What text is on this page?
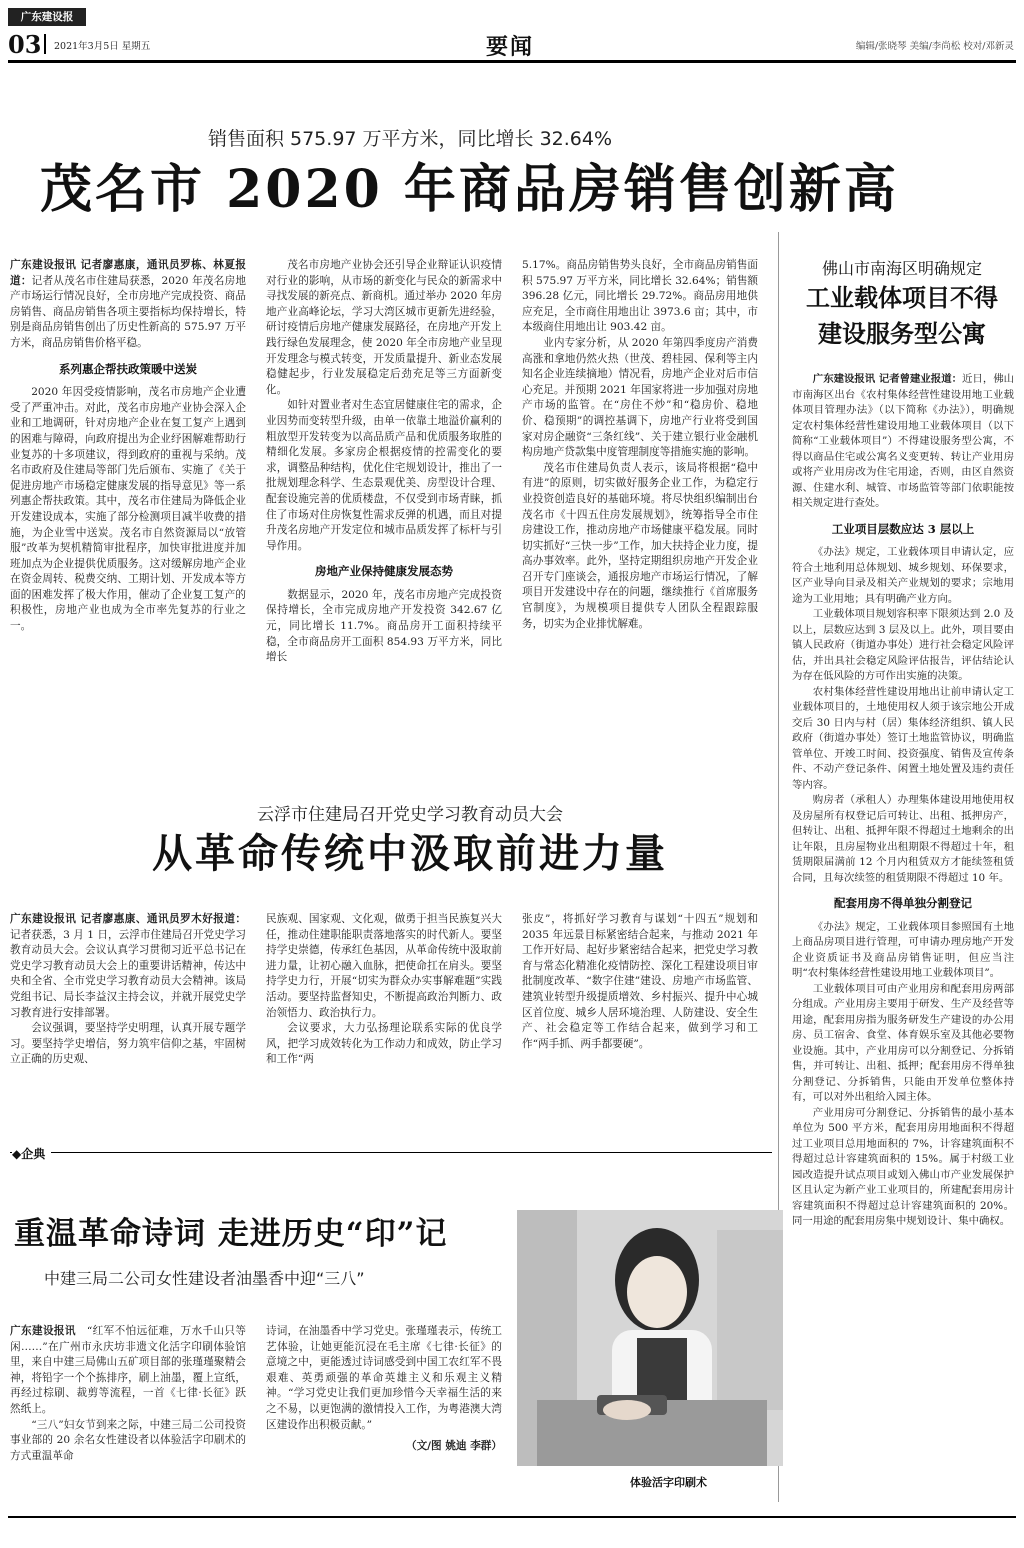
广东建设报
03 2021年3月5日 星期五	要闻	编辑/张晓琴 美编/李尚松 校对/邓新灵
销售面积 575.97 万平方米，同比增长 32.64%
茂名市 2020 年商品房销售创新高

广东建设报讯 记者廖惠康，通讯员罗栋、林夏报道：记者从茂名市住建局获悉，2020 年茂名房地产市场运行情况良好，全市房地产完成投资、商品房销售、商品房销售各项主要指标均保持增长，特别是商品房销售创出了历史性新高的 575.97 万平方米，商品房销售价格平稳。

系列惠企帮扶政策暖中送炭

2020 年因受疫情影响，茂名市房地产企业遭受了严重冲击。对此，茂名市房地产业协会深入企业和工地调研，针对房地产企业在复工复产上遇到的困难与障碍，向政府提出为企业纾困解难帮助行业复苏的十多项建议，得到政府的重视与采纳。茂名市政府及住建局等部门先后颁布、实施了《关于促进房地产市场稳定健康发展的指导意见》等一系列惠企帮扶政策。其中，茂名市住建局为降低企业开发建设成本，实施了部分检测项目减半收费的措施，为企业雪中送炭。茂名市自然资源局以“放管服”改革为契机精简审批程序，加快审批进度并加班加点为企业提供优质服务。这对缓解房地产企业在资金周转、税费交纳、工期计划、开发成本等方面的困难发挥了极大作用，催动了企业复工复产的积极性，房地产业也成为全市率先复苏的行业之一。

茂名市房地产业协会还引导企业辩证认识疫情对行业的影响，从市场的新变化与民众的新需求中寻找发展的新亮点、新商机。通过举办 2020 年房地产业高峰论坛，学习大湾区城市更新先进经验，研讨疫情后房地产健康发展路径，在房地产开发上践行绿色发展理念，使 2020 年全市房地产业呈现开发理念与模式转变，开发质量提升、新业态发展稳健起步，行业发展稳定后劲充足等三方面新变化。

如针对置业者对生态宜居健康住宅的需求，企业因势而变转型升级，由单一依靠土地溢价赢利的粗放型开发转变为以高品质产品和优质服务取胜的精细化发展。多家房企根据疫情的控需变化的要求，调整品种结构，优化住宅规划设计，推出了一批规划理念科学、生态景观优美、房型设计合理、配套设施完善的优质楼盘，不仅受到市场青睐，抓住了市场对住房恢复性需求反弹的机遇，而且对提升茂名房地产开发定位和城市品质发挥了标杆与引导作用。

房地产业保持健康发展态势

数据显示，2020 年，茂名市房地产完成投资保持增长，全市完成房地产开发投资 342.67 亿元，同比增长 11.7%。商品房开工面积持续平稳，全市商品房开工面积 854.93 万平方米，同比增长

5.17%。商品房销售势头良好，全市商品房销售面积 575.97 万平方米，同比增长 32.64%；销售额 396.28 亿元，同比增长 29.72%。商品房用地供应充足，全市商住用地出让 3973.6 亩；其中，市本级商住用地出让 903.42 亩。

业内专家分析，从 2020 年第四季度房产消费高涨和拿地仍然火热（世茂、碧桂园、保利等主内知名企业连续摘地）情况看，房地产企业对后市信心充足。并预期 2021 年国家将进一步加强对房地产市场的监管。在“房住不炒”和“稳房价、稳地价、稳预期”的调控基调下，房地产行业将受到国家对房企融资“三条红线”、关于建立银行业金融机构房地产贷款集中度管理制度等措施实施的影响。

茂名市住建局负责人表示，该局将根据“稳中有进”的原则，切实做好服务企业工作，为稳定行业投资创造良好的基础环境。将尽快组织编制出台茂名市《十四五住房发展规划》，统筹指导全市住房建设工作，推动房地产市场健康平稳发展。同时切实抓好“三快一步”工作，加大扶持企业力度，提高办事效率。此外，坚持定期组织房地产开发企业召开专门座谈会，通报房地产市场运行情况，了解项目开发建设中存在的问题，继续推行《首席服务官制度》，为规模项目提供专人团队全程跟踪服务，切实为企业排忧解难。

云浮市住建局召开党史学习教育动员大会
从革命传统中汲取前进力量

广东建设报讯 记者廖惠康、通讯员罗木好报道：记者获悉，3 月 1 日，云浮市住建局召开党史学习教育动员大会。会议认真学习贯彻习近平总书记在党史学习教育动员大会上的重要讲话精神，传达中央和全省、全市党史学习教育动员大会精神。该局党组书记、局长李益汉主持会议，并就开展党史学习教育进行安排部署。

会议强调，要坚持学史明理，认真开展专题学习。要坚持学史增信，努力筑牢信仰之基，牢固树立正确的历史观、

民族观、国家观、文化观，做勇于担当民族复兴大任，推动住建职能职责落地落实的时代新人。要坚持学史崇德，传承红色基因，从革命传统中汲取前进力量，让初心融入血脉，把使命扛在肩头。要坚持学史力行，开展“切实为群众办实事解难题”实践活动。要坚持监督知史，不断提高政治判断力、政治领悟力、政治执行力。

会议要求，大力弘扬理论联系实际的优良学风，把学习成效转化为工作动力和成效，防止学习和工作“两

张皮”，将抓好学习教育与谋划“十四五”规划和 2035 年远景目标紧密结合起来，与推动 2021 年工作开好局、起好步紧密结合起来，把党史学习教育与常态化精准化疫情防控、深化工程建设项目审批制度改革、“数字住建”建设、房地产市场监管、建筑业转型升级提质增效、乡村振兴、提升中心城区首位度、城乡人居环境治理、人防建设、安全生产、社会稳定等工作结合起来，做到学习和工作“两手抓、两手都要硬”。

◆企典
重温革命诗词 走进历史“印”记
中建三局二公司女性建设者油墨香中迎“三八”

广东建设报讯　 “红军不怕远征难，万水千山只等闲……”在广州市永庆坊非遗文化活字印刷体验馆里，来自中建三局佛山五矿项目部的张瑾瑾聚精会神，将铅字一个个拣排序，刷上油墨，覆上宣纸，再经过棕刷、裁剪等流程，一首《七律·长征》跃然纸上。

“三八”妇女节到来之际，中建三局二公司投资事业部的 20 余名女性建设者以体验活字印刷术的方式重温革命

诗词，在油墨香中学习党史。张瑾瑾表示，传统工艺体验，让她更能沉浸在毛主席《七律·长征》的意境之中，更能透过诗词感受到中国工农红军不畏艰难、英勇顽强的革命英雄主义和乐观主义精神。“学习党史让我们更加珍惜今天幸福生活的来之不易，以更饱满的激情投入工作，为粤港澳大湾区建设作出积极贡献。”

（文/图 姚迪 李群）

体验活字印刷术
佛山市南海区明确规定
工业载体项目不得
建设服务型公寓

广东建设报讯 记者曾建业报道：近日，佛山市南海区出台《农村集体经营性建设用地工业载体项目管理办法》（以下简称《办法》），明确规定农村集体经营性建设用地工业载体项目（以下简称“工业载体项目”）不得建设服务型公寓，不得以商品住宅或公寓名义变更转、转让产业用房或将产业用房改为住宅用途，否则，由区自然资源、住建水利、城管、市场监管等部门依职能按相关规定进行查处。

工业项目层数应达 3 层以上

《办法》规定，工业载体项目申请认定，应符合土地利用总体规划、城乡规划、环保要求，区产业导向目录及相关产业规划的要求；宗地用途为工业用地；具有明确产业方向。

工业载体项目规划容积率下限须达到 2.0 及以上，层数应达到 3 层及以上。此外，项目要由镇人民政府（街道办事处）进行社会稳定风险评估，并出具社会稳定风险评估报告，评估结论认为存在低风险的方可作出实施的决策。

农村集体经营性建设用地出让前申请认定工业载体项目的，土地使用权人须于该宗地公开成交后 30 日内与村（居）集体经济组织、镇人民政府（街道办事处）签订土地监管协议，明确监管单位、开竣工时间、投资强度、销售及宣传条件、不动产登记条件、闲置土地处置及违约责任等内容。

购房者（承租人）办理集体建设用地使用权及房屋所有权登记后可转让、出租、抵押房产，但转让、出租、抵押年限不得超过土地剩余的出让年限，且房屋物业出租期限不得超过十年，租赁期限届满前 12 个月内租赁双方才能续签租赁合同，且每次续签的租赁期限不得超过 10 年。

配套用房不得单独分割登记

《办法》规定，工业载体项目参照国有土地上商品房项目进行管理，可申请办理房地产开发企业资质证书及商品房销售证明，但应当注明“农村集体经营性建设用地工业载体项目”。

工业载体项目可由产业用房和配套用房两部分组成。产业用房主要用于研发、生产及经营等用途，配套用房指为服务研发生产建设的办公用房、员工宿舍、食堂、体育娱乐室及其他必要物业设施。其中，产业用房可以分割登记、分拆销售，并可转让、出租、抵押；配套用房不得单独分割登记、分拆销售，只能由开发单位整体持有，可以对外出租给入园主体。

产业用房可分割登记、分拆销售的最小基本单位为 500 平方米，配套用房用地面积不得超过工业项目总用地面积的 7%，计容建筑面积不得超过总计容建筑面积的 15%。属于村级工业园改造提升试点项目或划入佛山市产业发展保护区且认定为新产业工业项目的，所建配套用房计容建筑面积不得超过总计容建筑面积的 20%。同一用途的配套用房集中规划设计、集中确权。
